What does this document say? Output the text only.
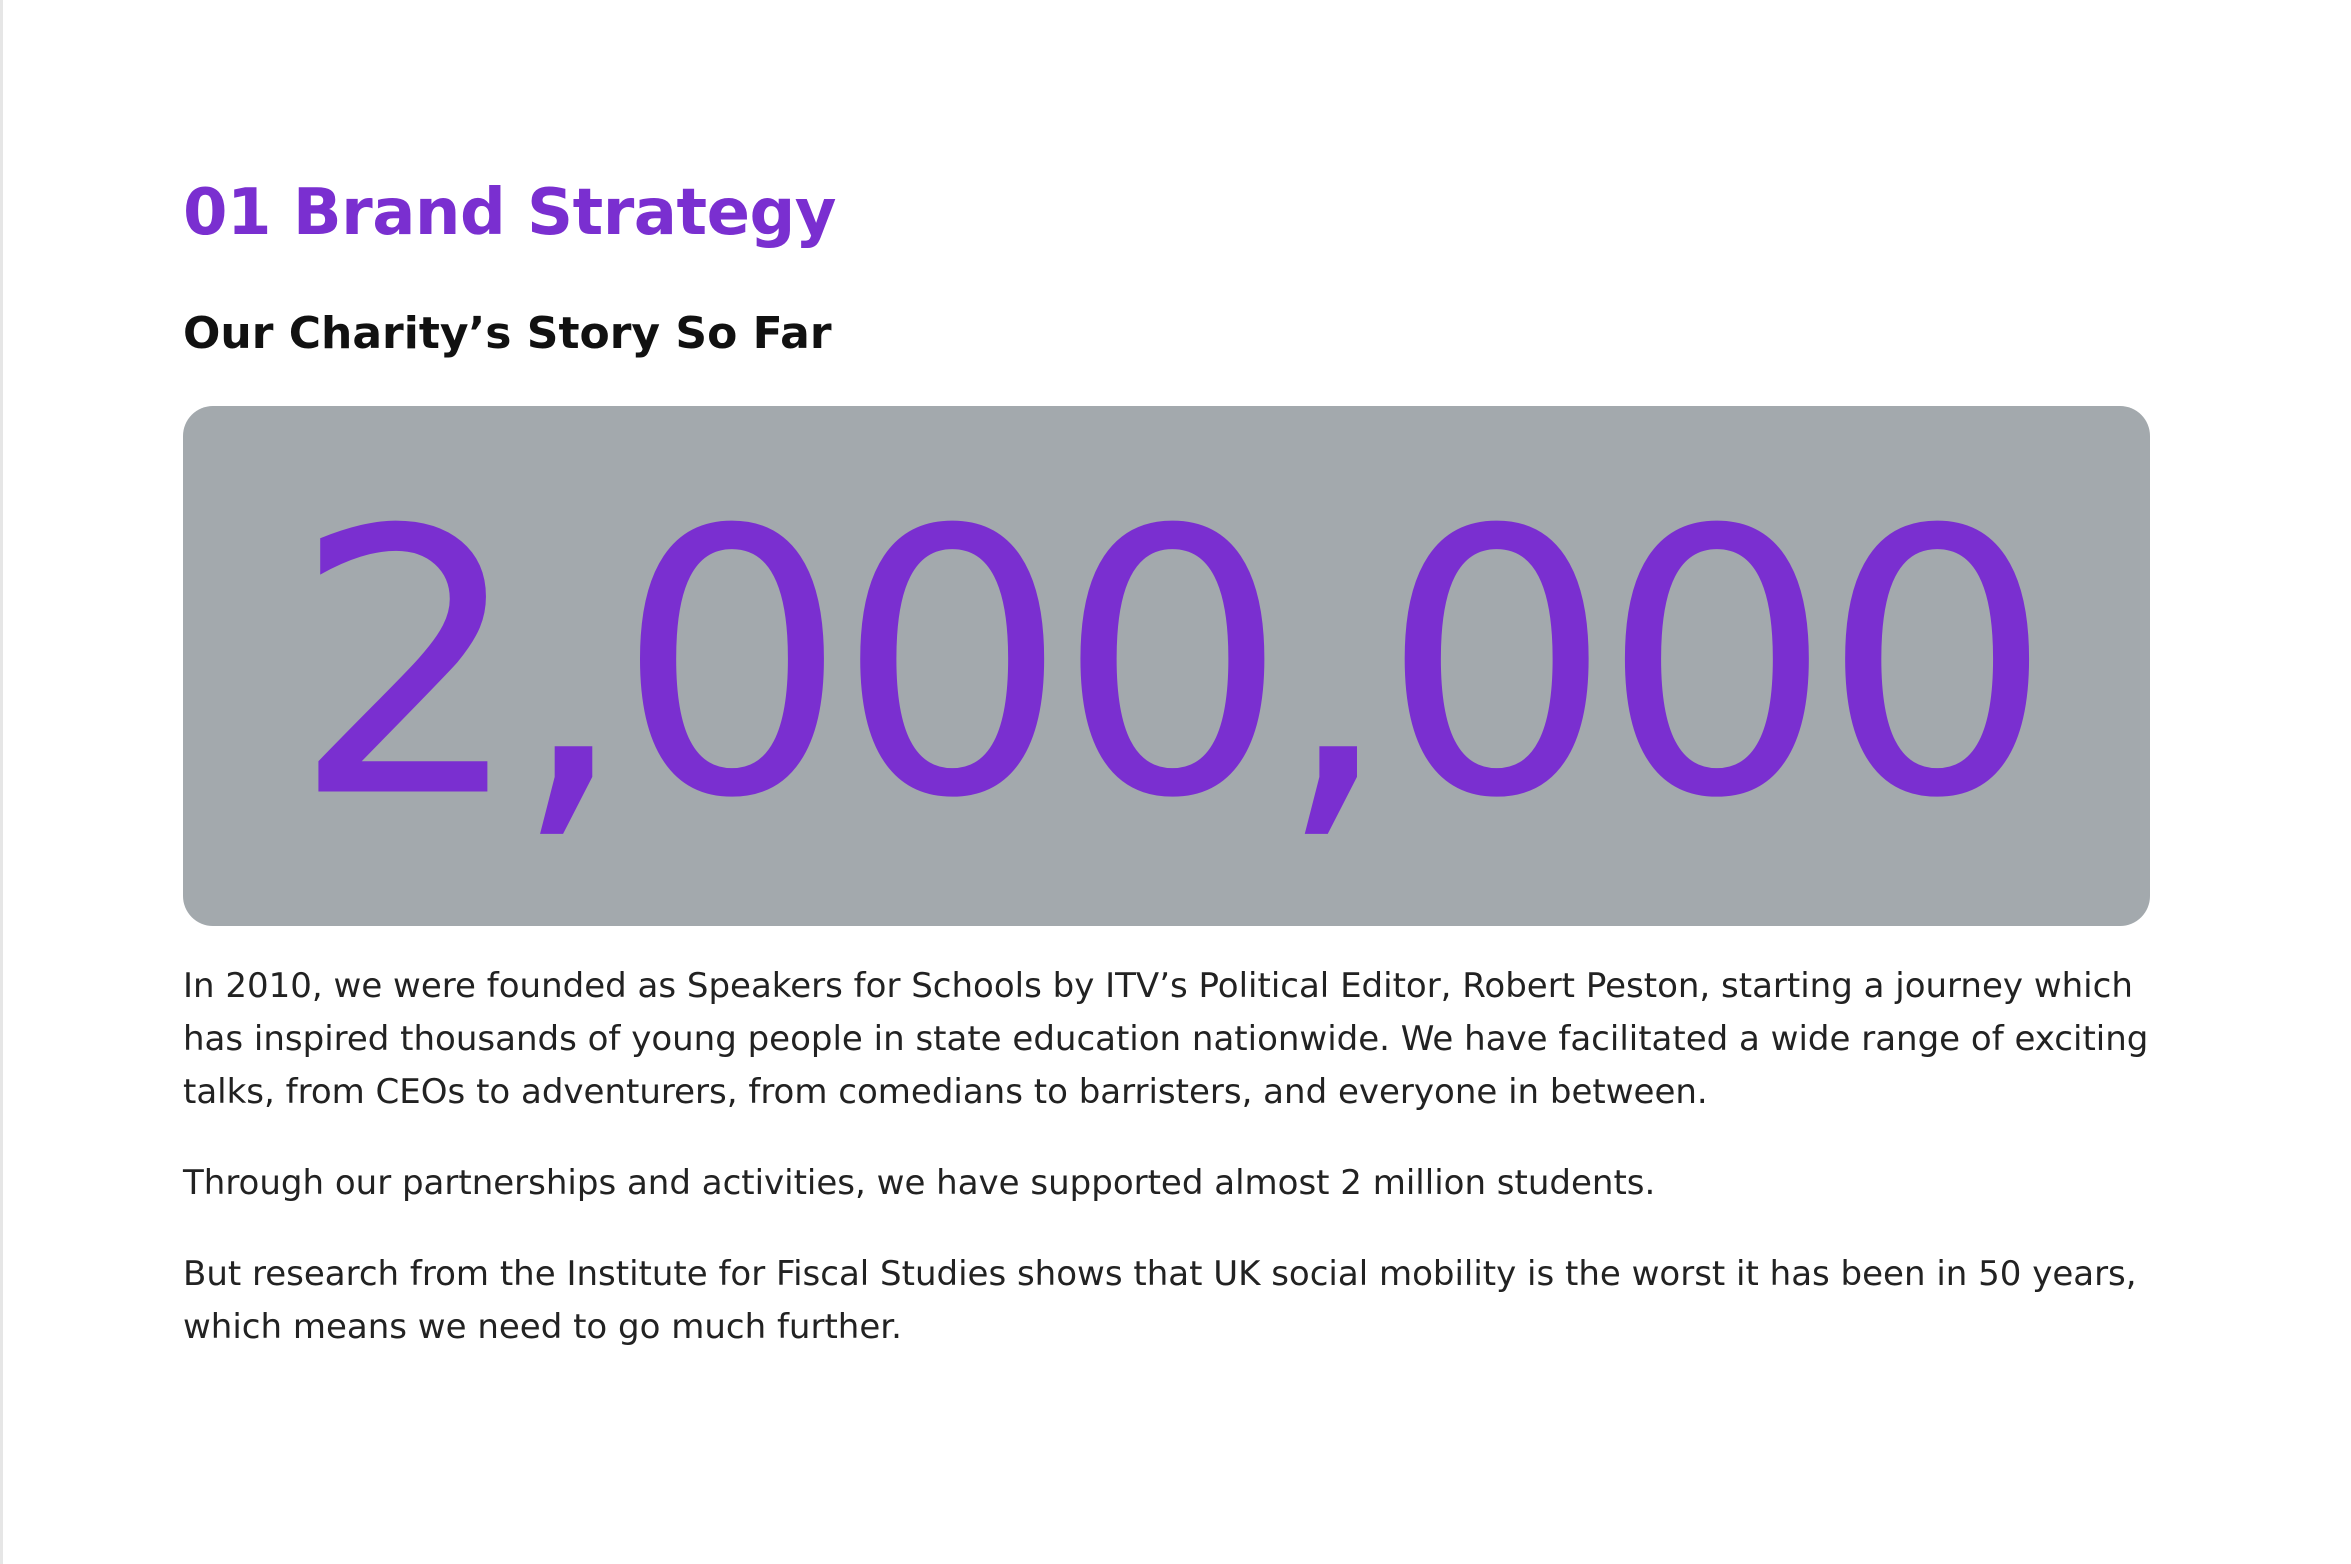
01 Brand Strategy
Our Charity’s Story So Far
2,000,000

In 2010, we were founded as Speakers for Schools by ITV’s Political Editor, Robert Peston, starting a journey which has inspired thousands of young people in state education nationwide. We have facilitated a wide range of exciting talks, from CEOs to adventurers, from comedians to barristers, and everyone in between.

Through our partnerships and activities, we have supported almost 2 million students.

But research from the Institute for Fiscal Studies shows that UK social mobility is the worst it has been in 50 years, which means we need to go much further.
